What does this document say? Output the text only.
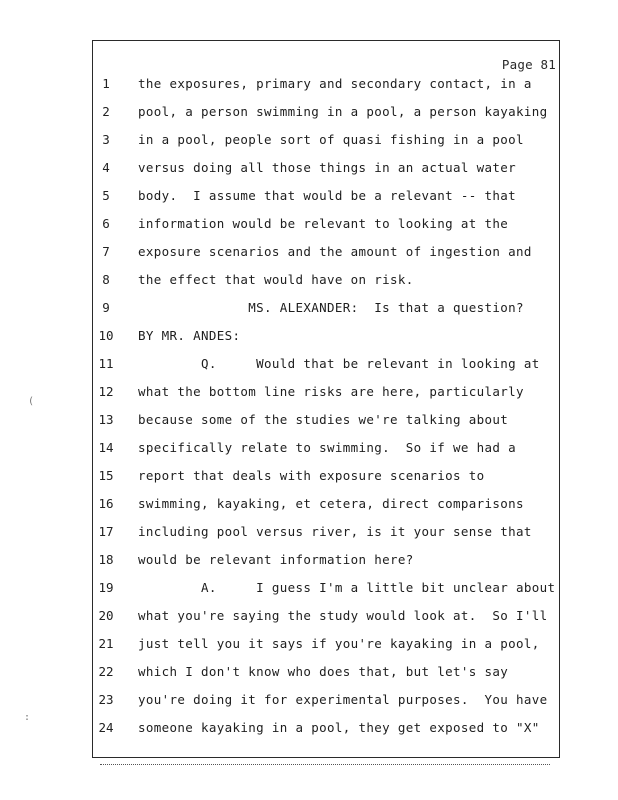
Page 81
1	the exposures, primary and secondary contact, in a
2	pool, a person swimming in a pool, a person kayaking
3	in a pool, people sort of quasi fishing in a pool
4	versus doing all those things in an actual water
5	body.  I assume that would be a relevant -- that
6	information would be relevant to looking at the
7	exposure scenarios and the amount of ingestion and
8	the effect that would have on risk.
9	MS. ALEXANDER:  Is that a question?
10 BY MR. ANDES:
11 Q.     Would that be relevant in looking at
12 what the bottom line risks are here, particularly
13 because some of the studies we're talking about
14 specifically relate to swimming.  So if we had a
15 report that deals with exposure scenarios to
16 swimming, kayaking, et cetera, direct comparisons
17 including pool versus river, is it your sense that
18 would be relevant information here?
19 A.     I guess I'm a little bit unclear about
20 what you're saying the study would look at.  So I'll
21 just tell you it says if you're kayaking in a pool,
22 which I don't know who does that, but let's say
23 you're doing it for experimental purposes.  You have
24 someone kayaking in a pool, they get exposed to "X"
(
:
